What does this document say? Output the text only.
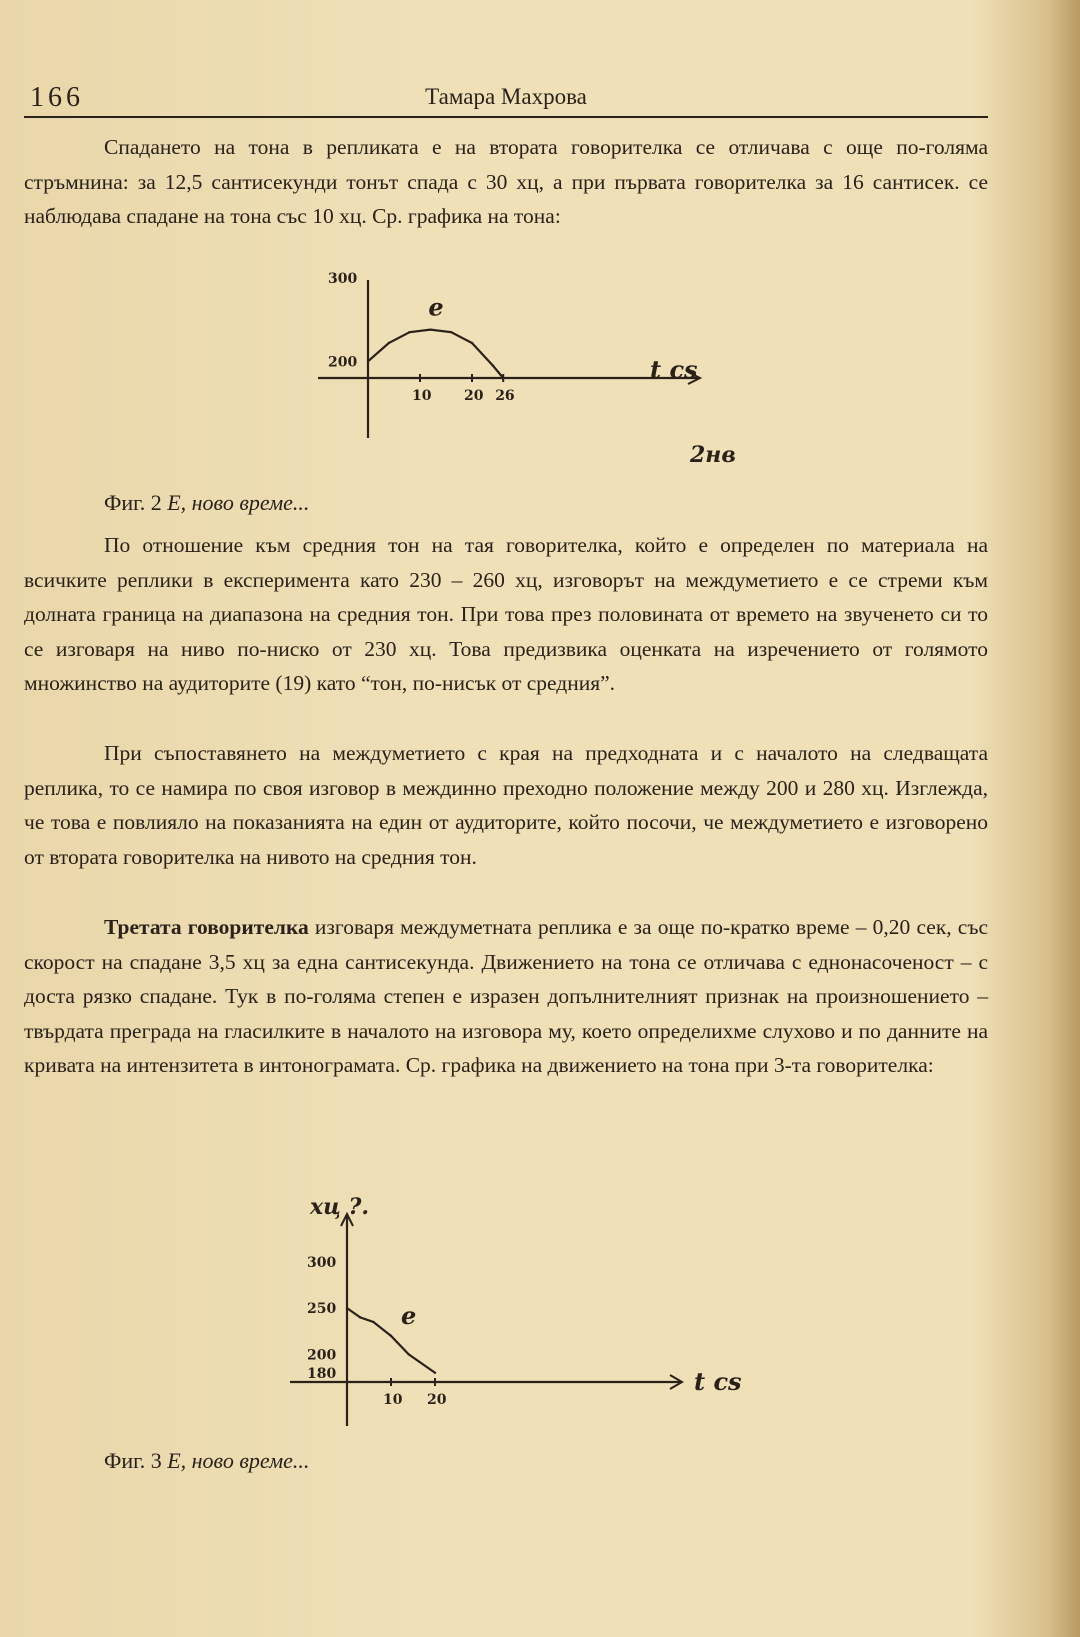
166	Тамара Махрова

Спадането на тона в репликата е на втората говорителка се отличава с още по-голяма стръмнина: за 12,5 сантисекунди тонът спада с 30 хц, а при първата говорителка за 16 сантисек. се наблюдава спадане на тона със 10 хц. Ср. графика на тона:

300
200
10 20 26
t cs
е
2нв
Фиг. 2 Е, ново време...

По отношение към средния тон на тая говорителка, който е определен по материала на всичките реплики в експеримента като 230 – 260 хц, изговорът на междуметието е се стреми към долната граница на диапазона на средния тон. При това през половината от времето на звученето си то се изговаря на ниво по-ниско от 230 хц. Това предизвика оценката на изречението от голямото множинство на аудиторите (19) като “тон, по-нисък от средния”.

При съпоставянето на междуметието с края на предходната и с началото на следващата реплика, то се намира по своя изговор в междинно преходно положение между 200 и 280 хц. Изглежда, че това е повлияло на показанията на един от аудиторите, който посочи, че междуметието е изговорено от втората говорителка на нивото на средния тон.

Третата говорителка изговаря междуметната реплика е за още по-кратко време – 0,20 сек, със скорост на спадане 3,5 хц за една сантисекунда. Движението на тона се отличава с еднонасоченост – с доста рязко спадане. Тук в по-голяма степен е изразен допълнителният признак на произношението – твърдата преграда на гласилките в началото на изговора му, което определихме слухово и по данните на кривата на интензитета в интонограмата. Ср. графика на движението на тона при 3-та говорителка:

хц ?.
300
250
200
180
10 20
t cs
е
Фиг. 3 Е, ново време...
